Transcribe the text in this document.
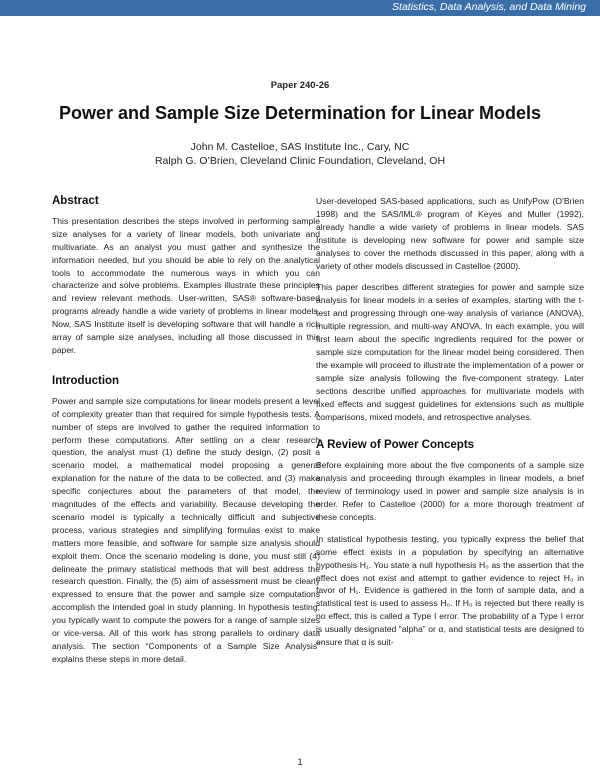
Statistics, Data Analysis, and Data Mining
Paper 240-26
Power and Sample Size Determination for Linear Models
John M. Castelloe, SAS Institute Inc., Cary, NC
Ralph G. O’Brien, Cleveland Clinic Foundation, Cleveland, OH
Abstract

This presentation describes the steps involved in performing sample size analyses for a variety of linear models, both univariate and multivariate. As an analyst you must gather and synthesize the information needed, but you should be able to rely on the analytical tools to accommodate the numerous ways in which you can characterize and solve problems. Examples illustrate these principles and review relevant methods. User-written, SAS® software-based programs already handle a wide variety of problems in linear models. Now, SAS Institute itself is developing software that will handle a rich array of sample size analyses, including all those discussed in this paper.

Introduction

Power and sample size computations for linear models present a level of complexity greater than that required for simple hypothesis tests. A number of steps are involved to gather the required information to perform these computations. After settling on a clear research question, the analyst must (1) define the study design, (2) posit a scenario model, a mathematical model proposing a general explanation for the nature of the data to be collected, and (3) make specific conjectures about the parameters of that model, the magnitudes of the effects and variability. Because developing the scenario model is typically a technically difficult and subjective process, various strategies and simplifying formulas exist to make matters more feasible, and software for sample size analysis should exploit them. Once the scenario modeling is done, you must still (4) delineate the primary statistical methods that will best address the research question. Finally, the (5) aim of assessment must be clearly expressed to ensure that the power and sample size computations accomplish the intended goal in study planning. In hypothesis testing, you typically want to compute the powers for a range of sample sizes or vice-versa. All of this work has strong parallels to ordinary data analysis. The section “Components of a Sample Size Analysis” explains these steps in more detail.

User-developed SAS-based applications, such as UnifyPow (O’Brien 1998) and the SAS/IML® program of Keyes and Muller (1992), already handle a wide variety of problems in linear models. SAS Institute is developing new software for power and sample size analyses to cover the methods discussed in this paper, along with a variety of other models discussed in Castelloe (2000).

This paper describes different strategies for power and sample size analysis for linear models in a series of examples, starting with the t-test and progressing through one-way analysis of variance (ANOVA), multiple regression, and multi-way ANOVA. In each example, you will first learn about the specific ingredients required for the power or sample size computation for the linear model being considered. Then the example will proceed to illustrate the implementation of a power or sample size analysis following the five-component strategy. Later sections describe unified approaches for multivariate models with fixed effects and suggest guidelines for extensions such as multiple comparisons, mixed models, and retrospective analyses.

A Review of Power Concepts

Before explaining more about the five components of a sample size analysis and proceeding through examples in linear models, a brief review of terminology used in power and sample size analysis is in order. Refer to Castelloe (2000) for a more thorough treatment of these concepts.

In statistical hypothesis testing, you typically express the belief that some effect exists in a population by specifying an alternative hypothesis H₁. You state a null hypothesis H₀ as the assertion that the effect does not exist and attempt to gather evidence to reject H₀ in favor of H₁. Evidence is gathered in the form of sample data, and a statistical test is used to assess H₀. If H₀ is rejected but there really is no effect, this is called a Type I error. The probability of a Type I error is usually designated “alpha” or α, and statistical tests are designed to ensure that α is suit-

1
